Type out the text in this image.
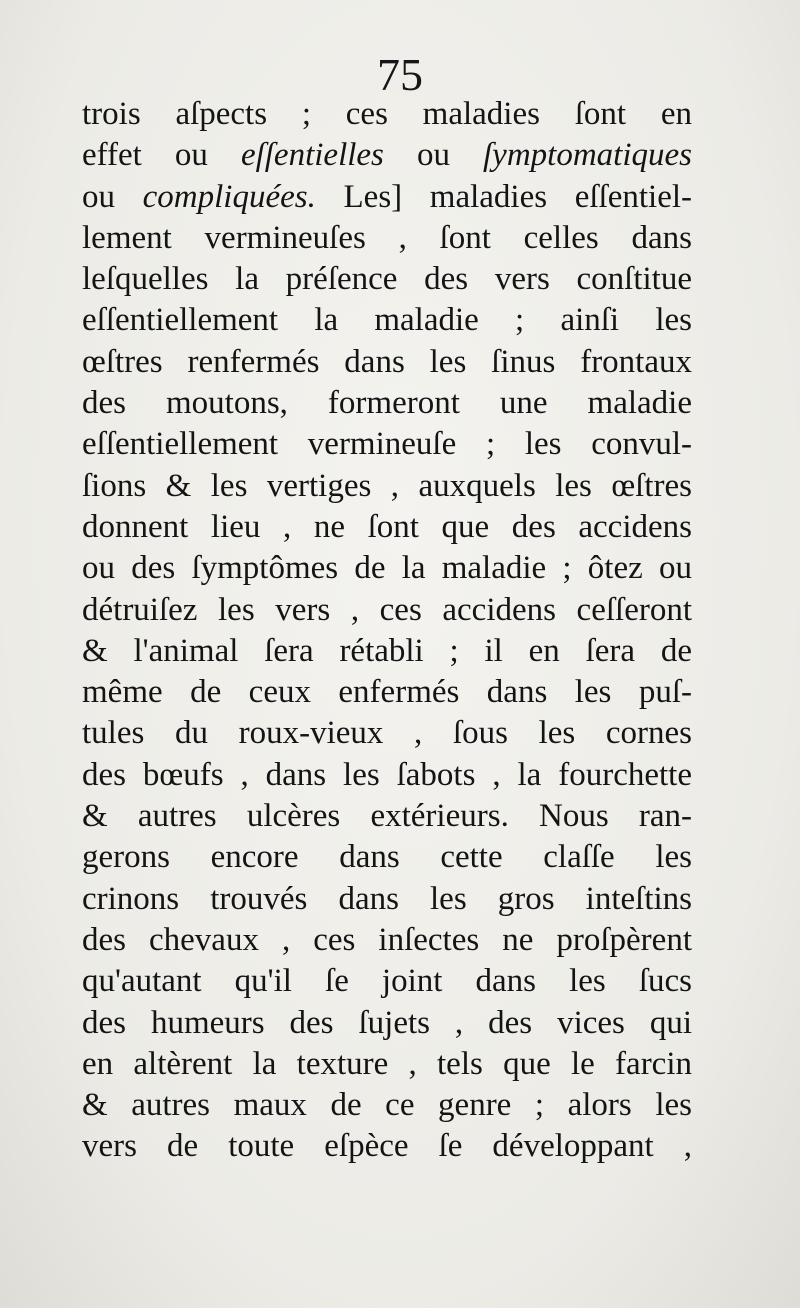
75
trois aſpects ; ces maladies ſont en
effet ou eſſentielles ou ſymptomatiques
ou compliquées. Les] maladies eſſentiel-
lement vermineuſes , ſont celles dans
leſquelles la préſence des vers conſtitue
eſſentiellement la maladie ; ainſi les
œſtres renfermés dans les ſinus frontaux
des moutons, formeront une maladie
eſſentiellement vermineuſe ; les convul-
ſions & les vertiges , auxquels les œſtres
donnent lieu , ne ſont que des accidens
ou des ſymptômes de la maladie ; ôtez ou
détruiſez les vers , ces accidens ceſſeront
& l'animal ſera rétabli ; il en ſera de
même de ceux enfermés dans les puſ-
tules du roux-vieux , ſous les cornes
des bœufs , dans les ſabots , la fourchette
& autres ulcères extérieurs. Nous ran-
gerons encore dans cette claſſe les
crinons trouvés dans les gros inteſtins
des chevaux , ces inſectes ne proſpèrent
qu'autant qu'il ſe joint dans les ſucs
des humeurs des ſujets , des vices qui
en altèrent la texture , tels que le farcin
& autres maux de ce genre ; alors les
vers de toute eſpèce ſe développant ,
